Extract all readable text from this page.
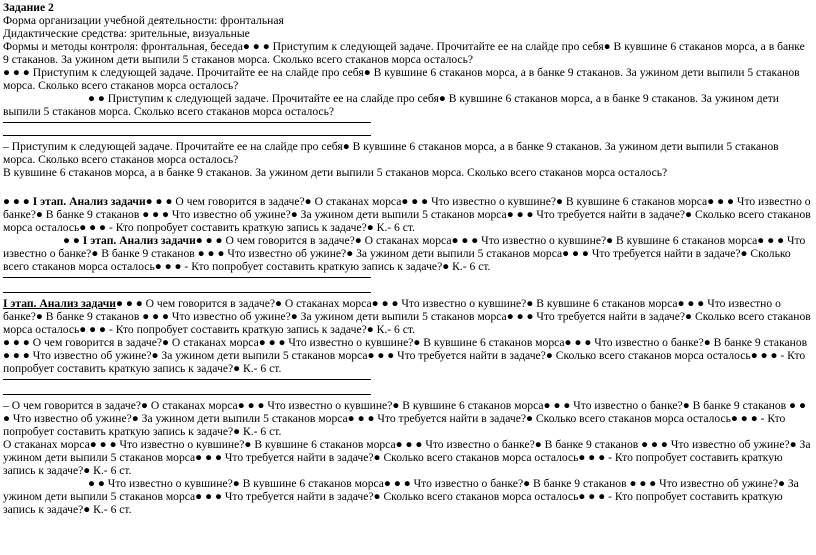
Задание 2

Форма организации учебной деятельности: фронтальная

Дидактические средства: зрительные, визуальные

Формы и методы контроля: фронтальная, беседа● ● ● Приступим к следующей задаче. Прочитайте ее на слайде про себя● В кувшине 6 стаканов морса, а в банке 9 стаканов. За ужином дети выпили 5 стаканов морса. Сколько всего стаканов морса осталось?

● ● ● Приступим к следующей задаче. Прочитайте ее на слайде про себя● В кувшине 6 стаканов морса, а в банке 9 стаканов. За ужином дети выпили 5 стаканов морса. Сколько всего стаканов морса осталось?

● ● Приступим к следующей задаче. Прочитайте ее на слайде про себя● В кувшине 6 стаканов морса, а в банке 9 стаканов. За ужином дети выпили 5 стаканов морса. Сколько всего стаканов морса осталось?

– Приступим к следующей задаче. Прочитайте ее на слайде про себя● В кувшине 6 стаканов морса, а в банке 9 стаканов. За ужином дети выпили 5 стаканов морса. Сколько всего стаканов морса осталось?

В кувшине 6 стаканов морса, а в банке 9 стаканов. За ужином дети выпили 5 стаканов морса. Сколько всего стаканов морса осталось?

● ● ● I этап. Анализ задачи● ● ● О чем говорится в задаче?● О стаканах морса● ● ● Что известно о кувшине?● В кувшине 6 стаканов морса● ● ● Что известно о банке?● В банке 9 стаканов ● ● ● Что известно об ужине?● За ужином дети выпили 5 стаканов морса● ● ● Что требуется найти в задаче?● Сколько всего стаканов морса осталось● ● ● - Кто попробует составить краткую запись к задаче?● К.- 6 ст.

● ● I этап. Анализ задачи● ● ● О чем говорится в задаче?● О стаканах морса● ● ● Что известно о кувшине?● В кувшине 6 стаканов морса● ● ● Что известно о банке?● В банке 9 стаканов ● ● ● Что известно об ужине?● За ужином дети выпили 5 стаканов морса● ● ● Что требуется найти в задаче?● Сколько всего стаканов морса осталось● ● ● - Кто попробует составить краткую запись к задаче?● К.- 6 ст.

I этап. Анализ задачи● ● ● О чем говорится в задаче?● О стаканах морса● ● ● Что известно о кувшине?● В кувшине 6 стаканов морса● ● ● Что известно о банке?● В банке 9 стаканов ● ● ● Что известно об ужине?● За ужином дети выпили 5 стаканов морса● ● ● Что требуется найти в задаче?● Сколько всего стаканов морса осталось● ● ● - Кто попробует составить краткую запись к задаче?● К.- 6 ст.

● ● ● О чем говорится в задаче?● О стаканах морса● ● ● Что известно о кувшине?● В кувшине 6 стаканов морса● ● ● Что известно о банке?● В банке 9 стаканов ● ● ● Что известно об ужине?● За ужином дети выпили 5 стаканов морса● ● ● Что требуется найти в задаче?● Сколько всего стаканов морса осталось● ● ● - Кто попробует составить краткую запись к задаче?● К.- 6 ст.

– О чем говорится в задаче?● О стаканах морса● ● ● Что известно о кувшине?● В кувшине 6 стаканов морса● ● ● Что известно о банке?● В банке 9 стаканов ● ● ● Что известно об ужине?● За ужином дети выпили 5 стаканов морса● ● ● Что требуется найти в задаче?● Сколько всего стаканов морса осталось● ● ● - Кто попробует составить краткую запись к задаче?● К.- 6 ст.

О стаканах морса● ● ● Что известно о кувшине?● В кувшине 6 стаканов морса● ● ● Что известно о банке?● В банке 9 стаканов ● ● ● Что известно об ужине?● За ужином дети выпили 5 стаканов морса● ● ● Что требуется найти в задаче?● Сколько всего стаканов морса осталось● ● ● - Кто попробует составить краткую запись к задаче?● К.- 6 ст.

● ● Что известно о кувшине?● В кувшине 6 стаканов морса● ● ● Что известно о банке?● В банке 9 стаканов ● ● ● Что известно об ужине?● За ужином дети выпили 5 стаканов морса● ● ● Что требуется найти в задаче?● Сколько всего стаканов морса осталось● ● ● - Кто попробует составить краткую запись к задаче?● К.- 6 ст.
